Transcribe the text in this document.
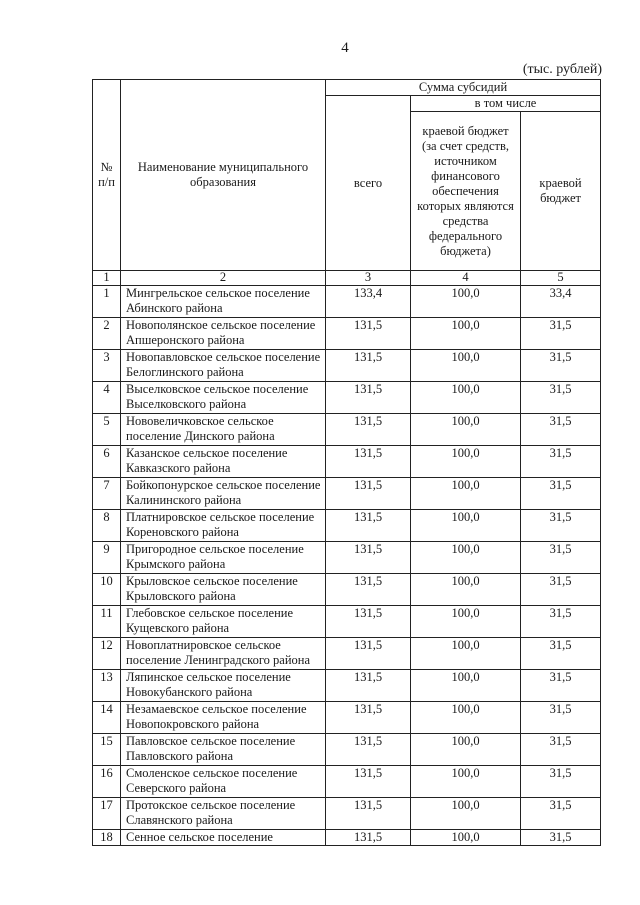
4
(тыс. рублей)
№ п/п	Наименование муниципального образования	Сумма субсидий		
		всего	в том числе	
			краевой бюджет (за счет средств, источником финансового обеспечения которых являются средства федерального бюджета)	краевой бюджет
1	2	3	4	5
1	Мингрельское сельское поселение Абинского района	133,4	100,0	33,4
2	Новополянское сельское поселение Апшеронского района	131,5	100,0	31,5
3	Новопавловское сельское поселение Белоглинского района	131,5	100,0	31,5
4	Выселковское сельское поселение Выселковского района	131,5	100,0	31,5
5	Нововеличковское сельское поселение Динского района	131,5	100,0	31,5
6	Казанское сельское поселение Кавказского района	131,5	100,0	31,5
7	Бойкопонурское сельское поселение Калининского района	131,5	100,0	31,5
8	Платнировское сельское поселение Кореновского района	131,5	100,0	31,5
9	Пригородное сельское поселение Крымского района	131,5	100,0	31,5
10	Крыловское сельское поселение Крыловского района	131,5	100,0	31,5
11	Глебовское сельское поселение Кущевского района	131,5	100,0	31,5
12	Новоплатнировское сельское поселение Ленинградского района	131,5	100,0	31,5
13	Ляпинское сельское поселение Новокубанского района	131,5	100,0	31,5
14	Незамаевское сельское поселение Новопокровского района	131,5	100,0	31,5
15	Павловское сельское поселение Павловского района	131,5	100,0	31,5
16	Смоленское сельское поселение Северского района	131,5	100,0	31,5
17	Протокское сельское поселение Славянского района	131,5	100,0	31,5
18	Сенное сельское поселение	131,5	100,0	31,5
